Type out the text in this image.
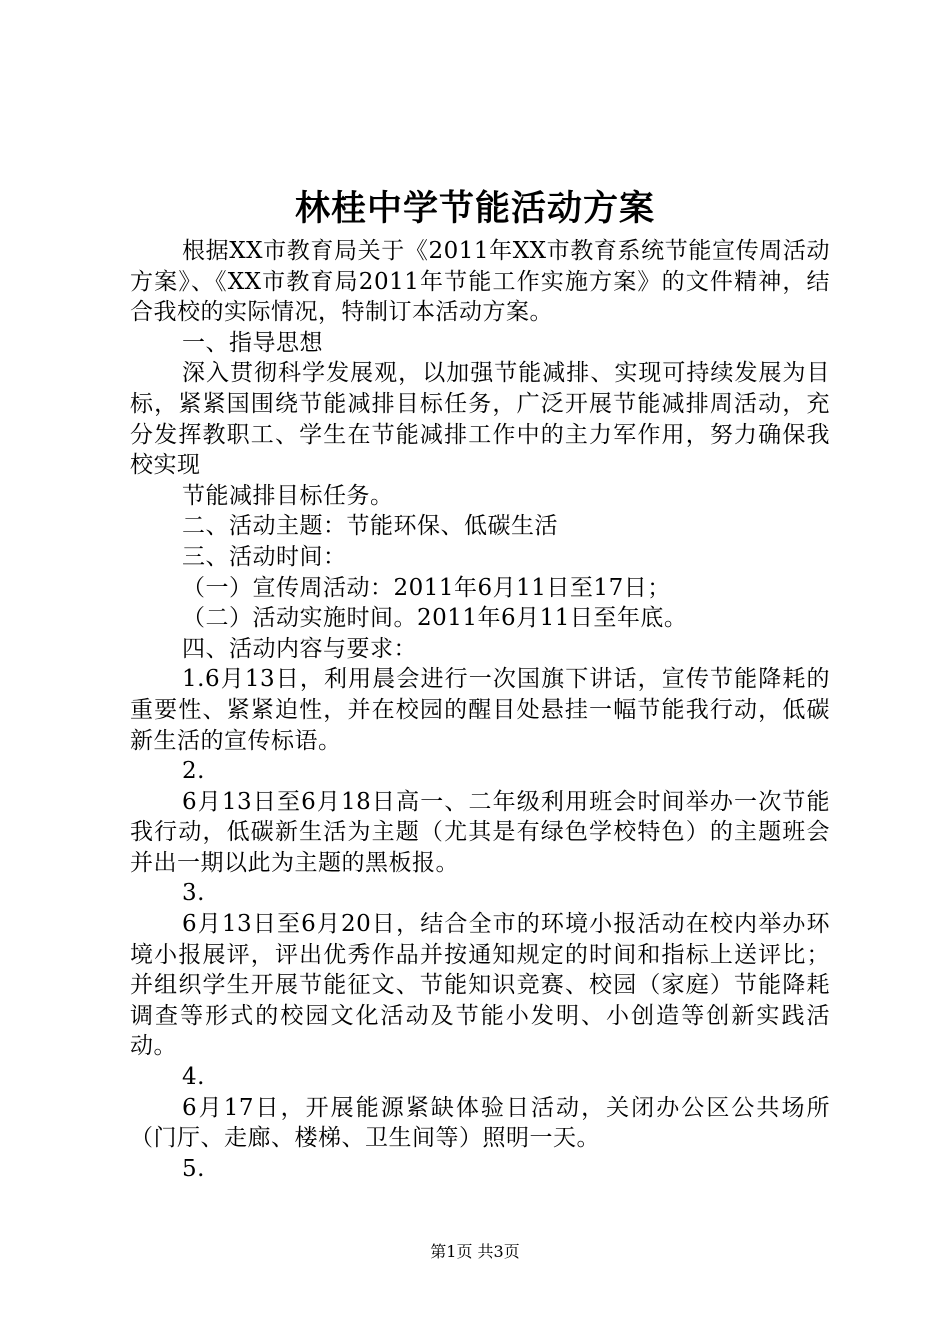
林桂中学节能活动方案

根据XX市教育局关于《2011年XX市教育系统节能宣传周活动方案》、《XX市教育局2011年节能工作实施方案》的文件精神，结合我校的实际情况，特制订本活动方案。

一、指导思想

深入贯彻科学发展观，以加强节能减排、实现可持续发展为目标，紧紧国围绕节能减排目标任务，广泛开展节能减排周活动，充分发挥教职工、学生在节能减排工作中的主力军作用，努力确保我校实现

节能减排目标任务。

二、活动主题：节能环保、低碳生活

三、活动时间：

（一）宣传周活动：2011年6月11日至17日；

（二）活动实施时间。2011年6月11日至年底。

四、活动内容与要求：

1.6月13日，利用晨会进行一次国旗下讲话，宣传节能降耗的重要性、紧紧迫性，并在校园的醒目处悬挂一幅节能我行动，低碳新生活的宣传标语。

2.

6月13日至6月18日高一、二年级利用班会时间举办一次节能我行动，低碳新生活为主题（尤其是有绿色学校特色）的主题班会并出一期以此为主题的黑板报。

3.

6月13日至6月20日，结合全市的环境小报活动在校内举办环境小报展评，评出优秀作品并按通知规定的时间和指标上送评比；并组织学生开展节能征文、节能知识竞赛、校园（家庭）节能降耗调查等形式的校园文化活动及节能小发明、小创造等创新实践活动。

4.

6月17日，开展能源紧缺体验日活动，关闭办公区公共场所（门厅、走廊、楼梯、卫生间等）照明一天。

5.

第1页 共3页
